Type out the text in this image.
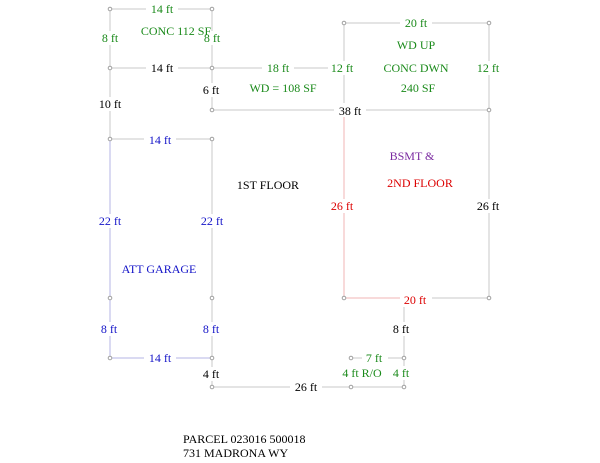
14 ft
8 ft	8 ft
CONC 112 SF
14 ft	18 ft
6 ft	WD = 108 SF
20 ft
WD UP
CONC DWN
240 SF
12 ft	12 ft
10 ft	38 ft
1ST FLOOR
BSMT &
2ND FLOOR
26 ft	26 ft
20 ft
8 ft
14 ft
22 ft	22 ft
ATT GARAGE
8 ft	8 ft
14 ft
4 ft
7 ft
4 ft R/O 4 ft
26 ft
PARCEL 023016 500018
731 MADRONA WY
